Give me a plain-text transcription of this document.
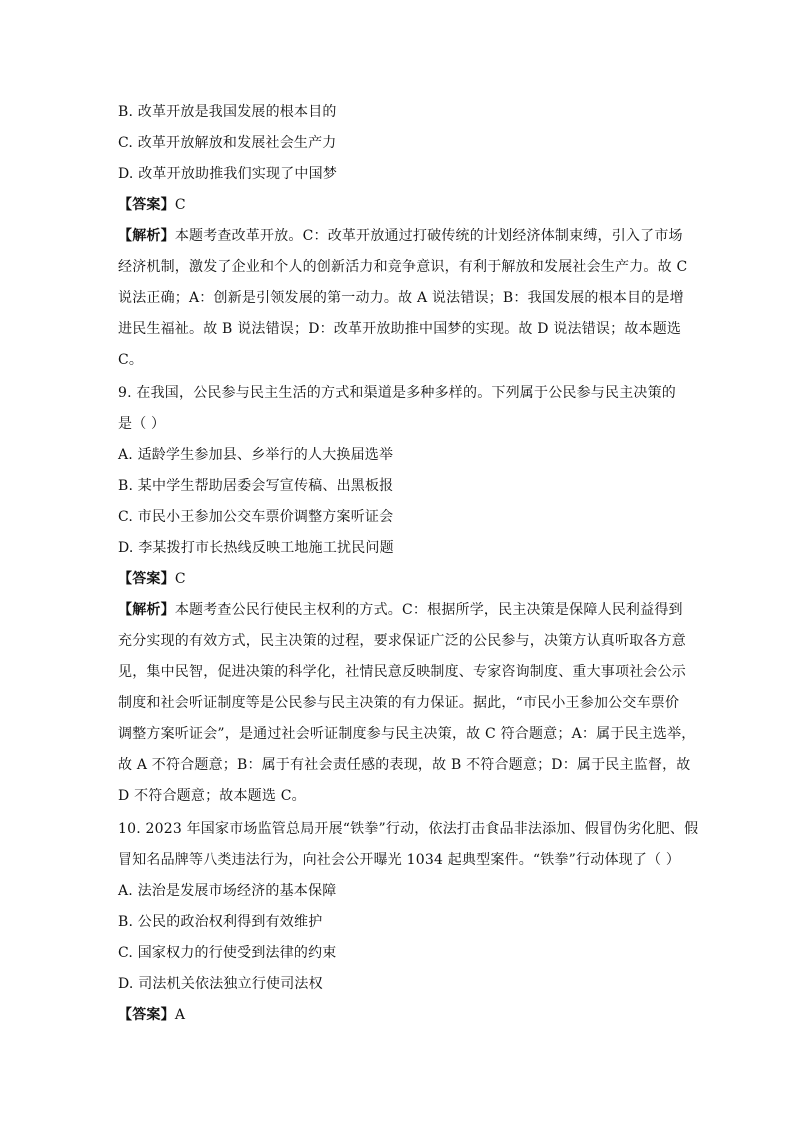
B. 改革开放是我国发展的根本目的
C. 改革开放解放和发展社会生产力
D. 改革开放助推我们实现了中国梦
【答案】C
【解析】本题考查改革开放。C：改革开放通过打破传统的计划经济体制束缚，引入了市场
经济机制，激发了企业和个人的创新活力和竞争意识，有利于解放和发展社会生产力。故 C
说法正确；A：创新是引领发展的第一动力。故 A 说法错误；B：我国发展的根本目的是增
进民生福祉。故 B 说法错误；D：改革开放助推中国梦的实现。故 D 说法错误；故本题选
C。
9. 在我国，公民参与民主生活的方式和渠道是多种多样的。下列属于公民参与民主决策的
是（ ）
A. 适龄学生参加县、乡举行的人大换届选举
B. 某中学生帮助居委会写宣传稿、出黑板报
C. 市民小王参加公交车票价调整方案听证会
D. 李某拨打市长热线反映工地施工扰民问题
【答案】C
【解析】本题考查公民行使民主权利的方式。C：根据所学，民主决策是保障人民利益得到
充分实现的有效方式，民主决策的过程，要求保证广泛的公民参与，决策方认真听取各方意
见，集中民智，促进决策的科学化，社情民意反映制度、专家咨询制度、重大事项社会公示
制度和社会听证制度等是公民参与民主决策的有力保证。据此，“市民小王参加公交车票价
调整方案听证会”，是通过社会听证制度参与民主决策，故 C 符合题意；A：属于民主选举，
故 A 不符合题意；B：属于有社会责任感的表现，故 B 不符合题意；D：属于民主监督，故
D 不符合题意；故本题选 C。
10. 2023 年国家市场监管总局开展“铁拳”行动，依法打击食品非法添加、假冒伪劣化肥、假
冒知名品牌等八类违法行为，向社会公开曝光 1034 起典型案件。“铁拳”行动体现了（ ）
A. 法治是发展市场经济的基本保障
B. 公民的政治权利得到有效维护
C. 国家权力的行使受到法律的约束
D. 司法机关依法独立行使司法权
【答案】A
